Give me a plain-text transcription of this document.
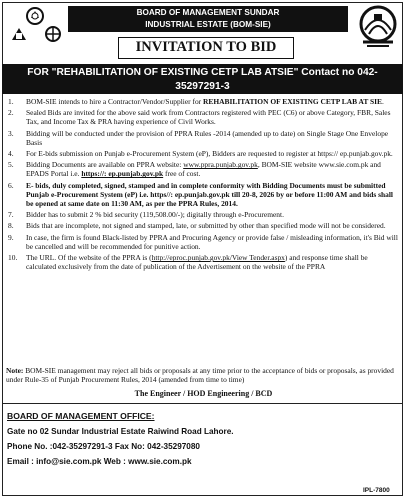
BOARD OF MANAGEMENT SUNDAR
INDUSTRIAL ESTATE (BOM-SIE)
INVITATION TO BID
FOR "REHABILITATION OF EXISTING CETP LAB ATSIE" Contact no 042-
35297291-3
1. BOM-SIE intends to hire a Contractor/Vendor/Supplier for REHABILITATION OF EXISTING CETP LAB AT SIE.
2. Sealed Bids are invited for the above said work from Contractors registered with PEC (C6) or above Category, FBR, Sales Tax, and Income Tax & PRA having experience of Civil Works.
3. Bidding will be conducted under the provision of PPRA Rules -2014 (amended up to date) on Single Stage One Envelope Basis
4. For E-bids submission on Punjab e-Procurement System (eP), Bidders are requested to register at https:// ep.punjab.gov.pk.
5. Bidding Documents are available on PPRA website: www.ppra.punjab.gov.pk, BOM-SIE website www.sie.com.pk and EPADS Portal i.e. https://: ep.punjab.gov.pk free of cost.
6. E- bids, duly completed, signed, stamped and in complete conformity with Bidding Documents must be submitted Punjab e-Procurement System (eP) i.e. https//: ep.punjab.gov.pk till 20-8, 2026 by or before 11:00 AM and bids shall be opened at same date on 11:30 AM, as per the PPRA Rules, 2014.
7. Bidder has to submit 2 % bid security (119,508.00/-); digitally through e-Procurement.
8. Bids that are incomplete, not signed and stamped, late, or submitted by other than specified mode will not be considered.
9. In case, the firm is found Black-listed by PPRA and Procuring Agency or provide false / misleading information, it's Bid will be cancelled and will be recommended for punitive action.
10. The URL. Of the website of the PPRA is (http://eproc.punjab.gov.pk/View Tender.aspx) and response time shall be calculated exclusively from the date of publication of the Advertisement on the website of the PPRA
Note: BOM-SIE management may reject all bids or proposals at any time prior to the acceptance of bids or proposals, as provided under Rule-35 of Punjab Procurement Rules, 2014 (amended from time to time)
The Engineer / HOD Engineering / BCD
BOARD OF MANAGEMENT OFFICE:
Gate no 02 Sundar Industrial Estate Raiwind Road Lahore.
Phone No. :042-35297291-3 Fax No: 042-35297080
Email : info@sie.com.pk Web : www.sie.com.pk
IPL-7800
